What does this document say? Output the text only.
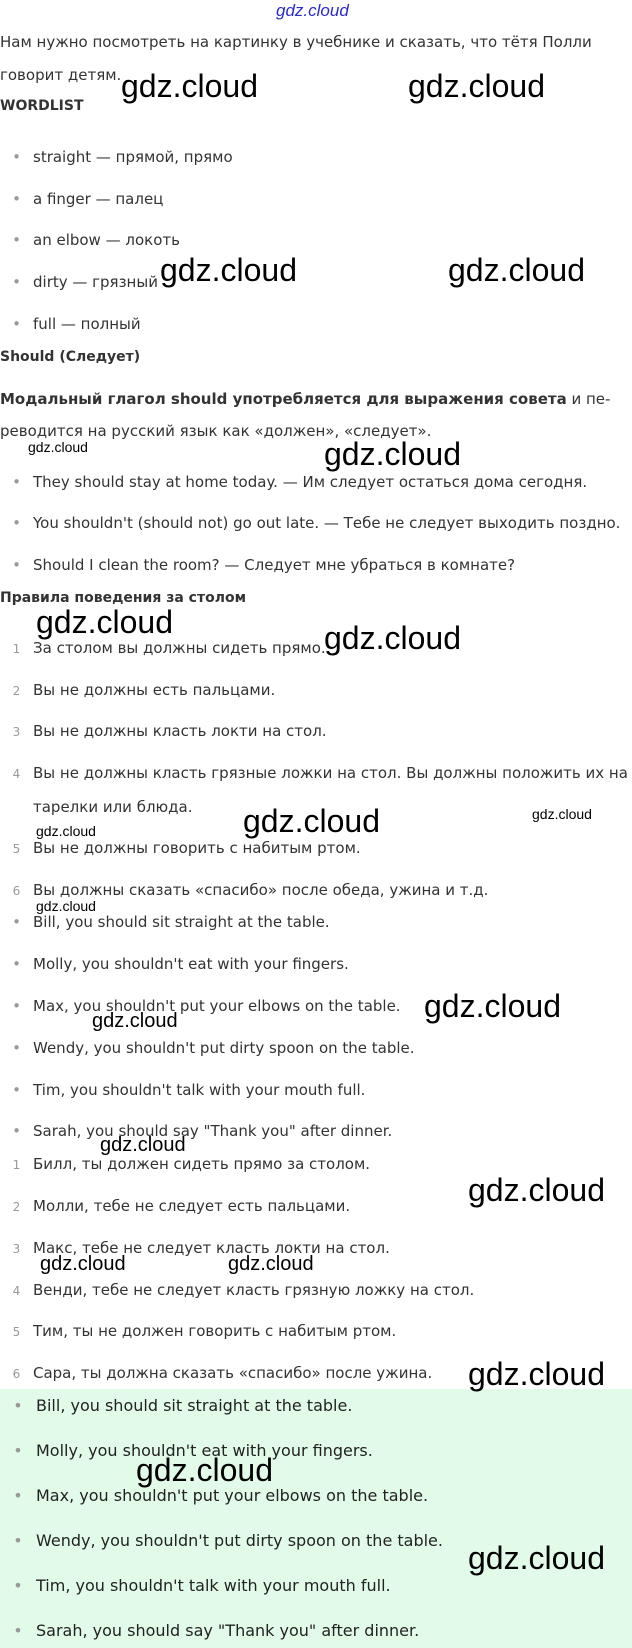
gdz.cloud
Нам нужно посмотреть на картинку в учебнике и сказать, что тётя Полли
говорит детям.
WORDLIST
• straight — прямой, прямо
• a finger — палец
• an elbow — локоть
• dirty — грязный
• full — полный
Should (Следует)
Модальный глагол should употребляется для выражения совета и пе-
реводится на русский язык как «должен», «следует».
• They should stay at home today. — Им следует остаться дома сегодня.
• You shouldn't (should not) go out late. — Тебе не следует выходить поздно.
• Should I clean the room? — Следует мне убраться в комнате?
Правила поведения за столом
1 За столом вы должны сидеть прямо.
2 Вы не должны есть пальцами.
3 Вы не должны класть локти на стол.
4 Вы не должны класть грязные ложки на стол. Вы должны положить их на
тарелки или блюда.
5 Вы не должны говорить с набитым ртом.
6 Вы должны сказать «спасибо» после обеда, ужина и т.д.
• Bill, you should sit straight at the table.
• Molly, you shouldn't eat with your fingers.
• Max, you shouldn't put your elbows on the table.
• Wendy, you shouldn't put dirty spoon on the table.
• Tim, you shouldn't talk with your mouth full.
• Sarah, you should say "Thank you" after dinner.
1 Билл, ты должен сидеть прямо за столом.
2 Молли, тебе не следует есть пальцами.
3 Макс, тебе не следует класть локти на стол.
4 Венди, тебе не следует класть грязную ложку на стол.
5 Тим, ты не должен говорить с набитым ртом.
6 Сара, ты должна сказать «спасибо» после ужина.
• Bill, you should sit straight at the table.
• Molly, you shouldn't eat with your fingers.
• Max, you shouldn't put your elbows on the table.
• Wendy, you shouldn't put dirty spoon on the table.
• Tim, you shouldn't talk with your mouth full.
• Sarah, you should say "Thank you" after dinner.
gdz.cloud	gdz.cloud
gdz.cloud	gdz.cloud
gdz.cloud	gdz.cloud
gdz.cloud	gdz.cloud
gdz.cloud	gdz.cloud
gdz.cloud
gdz.cloud
gdz.cloud
gdz.cloud
gdz.cloud
gdz.cloud
gdz.cloud	gdz.cloud
gdz.cloud
gdz.cloud
gdz.cloud
